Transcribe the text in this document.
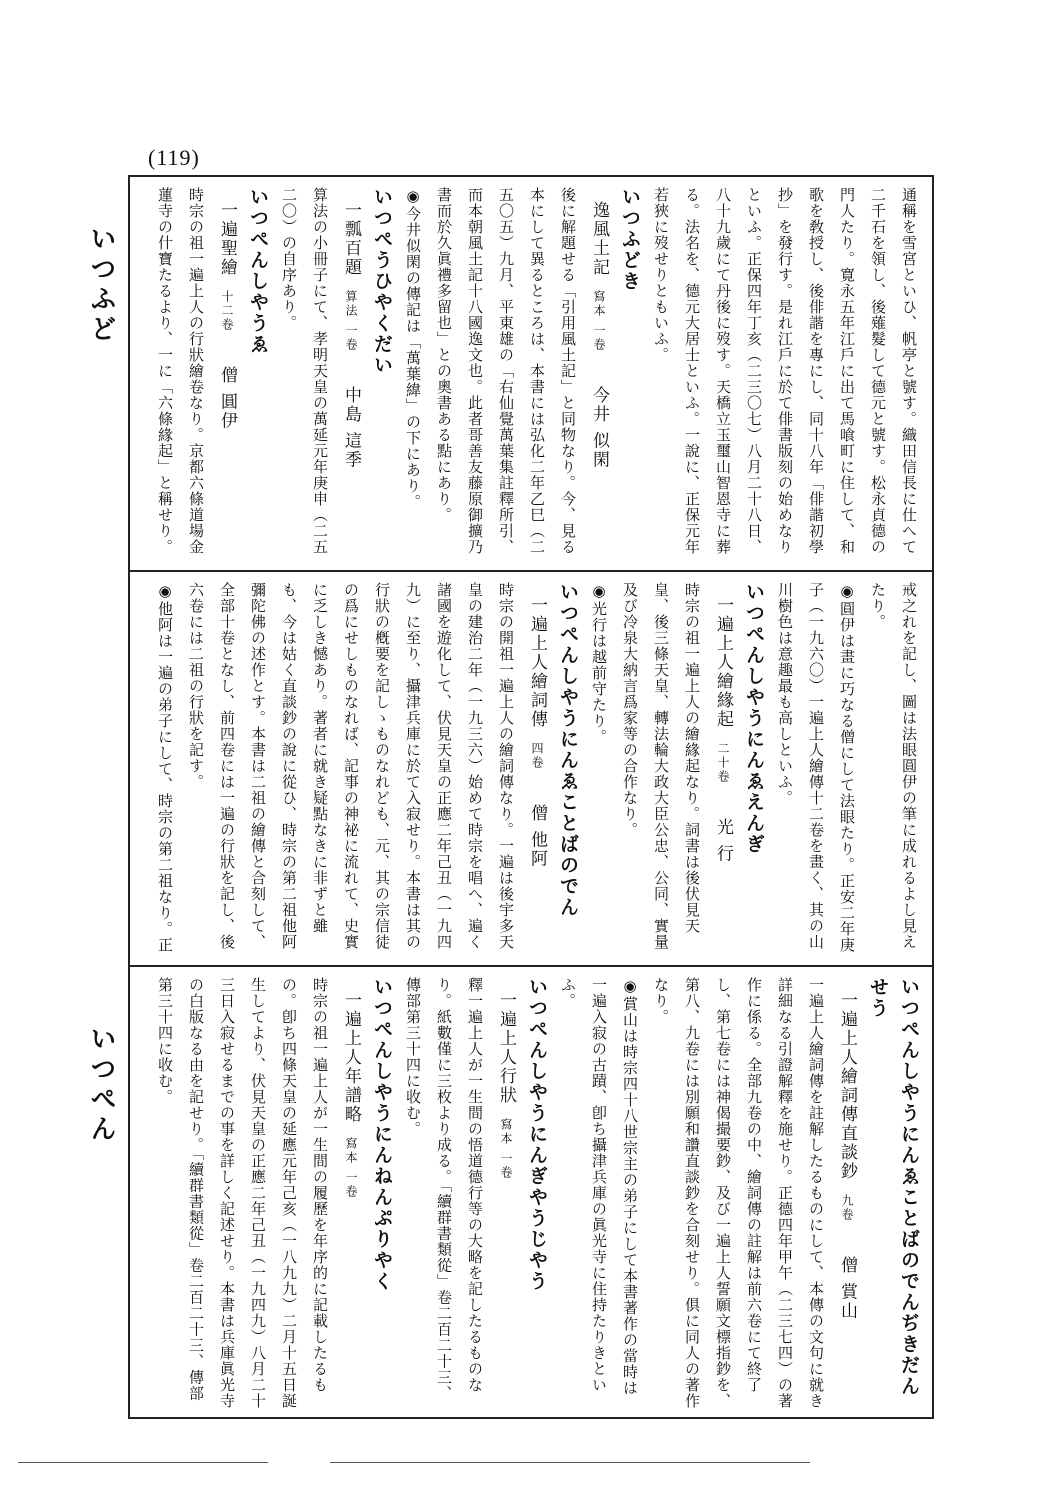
(119)
いつふど
いつぺん
通稱を雪宮といひ、帆亭と號す。織田信長に仕へて二千石を領し、後薙髮して德元と號す。松永貞德の門人たり。寛永五年江戶に出て馬喰町に住して、和歌を敎授し、後俳諧を專にし、同十八年「俳諧初學抄」を發行す。是れ江戶に於て俳書版刻の始めなりといふ。正保四年丁亥（二三〇七）八月二十八日、八十九歲にて丹後に歿す。天橋立玉璽山智恩寺に葬る。法名を、德元大居士といふ。一說に、正保元年若狹に歿せりともいふ。
いつふどき
逸風土記 寫本 一卷 今井 似閑
後に解題せる「引用風土記」と同物なり。今、見る本にして異るところは、本書には弘化二年乙巳（二五〇五）九月、平東雄の「右仙覺萬葉集註釋所引、而本朝風土記十八國逸文也。此者哥善友藤原御擴乃書而於久眞禮多留也」との奧書ある點にあり。
◉今井似閑の傳記は「萬葉緯」の下にあり。
いつぺうひやくだい
一瓢百題 算法 一卷 中島 這季
算法の小冊子にて、孝明天皇の萬延元年庚申（二五二〇）の自序あり。
いつぺんしやうゑ
一遍聖繪 十二卷 僧 圓伊
時宗の祖一遍上人の行狀繪卷なり。京都六條道場金蓮寺の什寶たるより、一に「六條緣起」と稱せり。
戒之れを記し、圖は法眼圓伊の筆に成れるよし見えたり。
◉圓伊は畫に巧なる僧にして法眼たり。正安二年庚子（一九六〇）一遍上人繪傳十二卷を畫く、其の山川樹色は意趣最も高しといふ。
いつぺんしやうにんゑえんぎ
一遍上人繪緣起 二十卷 光 行
時宗の祖一遍上人の繪緣起なり。詞書は後伏見天皇、後三條天皇、轉法輪大政大臣公忠、公同、實量及び冷泉大納言爲家等の合作なり。
◉光行は越前守たり。
いつぺんしやうにんゑことばのでん
一遍上人繪詞傳 四卷 僧 他阿
時宗の開祖一遍上人の繪詞傳なり。一遍は後宇多天皇の建治二年（一九三六）始めて時宗を唱へ、遍く諸國を遊化して、伏見天皇の正應二年己丑（一九四九）に至り、攝津兵庫に於て入寂せり。本書は其の行狀の槪要を記しゝものなれども、元、其の宗信徒の爲にせしものなれば、記事の神祕に流れて、史實に乏しき憾あり。著者に就き疑點なきに非ずと雖も、今は姑く直談鈔の說に從ひ、時宗の第二祖他阿彌陀佛の述作とす。本書は二祖の繪傳と合刻して、全部十卷となし、前四卷には一遍の行狀を記し、後六卷には二祖の行狀を記す。
◉他阿は一遍の弟子にして、時宗の第二祖なり。正
いつぺんしやうにんゑことばのでんぢきだんせう
一遍上人繪詞傳直談鈔 九卷 僧 賞山
一遍上人繪詞傳を註解したるものにして、本傳の文句に就き詳細なる引證解釋を施せり。正德四年甲午（二三七四）の著作に係る。全部九卷の中、繪詞傳の註解は前六卷にて終了し、第七卷には神偈撮要鈔、及び一遍上人誓願文標指鈔を、第八、九卷には別願和讚直談鈔を合刻せり。俱に同人の著作なり。
◉賞山は時宗四十八世宗主の弟子にして本書著作の當時は一遍入寂の古蹟、卽ち攝津兵庫の眞光寺に住持たりきといふ。
いつぺんしやうにんぎやうじやう
一遍上人行狀 寫本 一卷
釋一遍上人が一生間の悟道德行等の大略を記したるものなり。紙數僅に三枚より成る。「續群書類從」卷二百二十三、傳部第三十四に收む。
いつぺんしやうにんねんぷりやく
一遍上人年譜略 寫本 一卷
時宗の祖一遍上人が一生間の履歷を年序的に記載したるもの。卽ち四條天皇の延應元年己亥（一八九九）二月十五日誕生してより、伏見天皇の正應二年己丑（一九四九）八月二十三日入寂せるまでの事を詳しく記述せり。本書は兵庫眞光寺の白版なる由を記せり。「續群書類從」卷二百二十三、傳部第三十四に收む。
